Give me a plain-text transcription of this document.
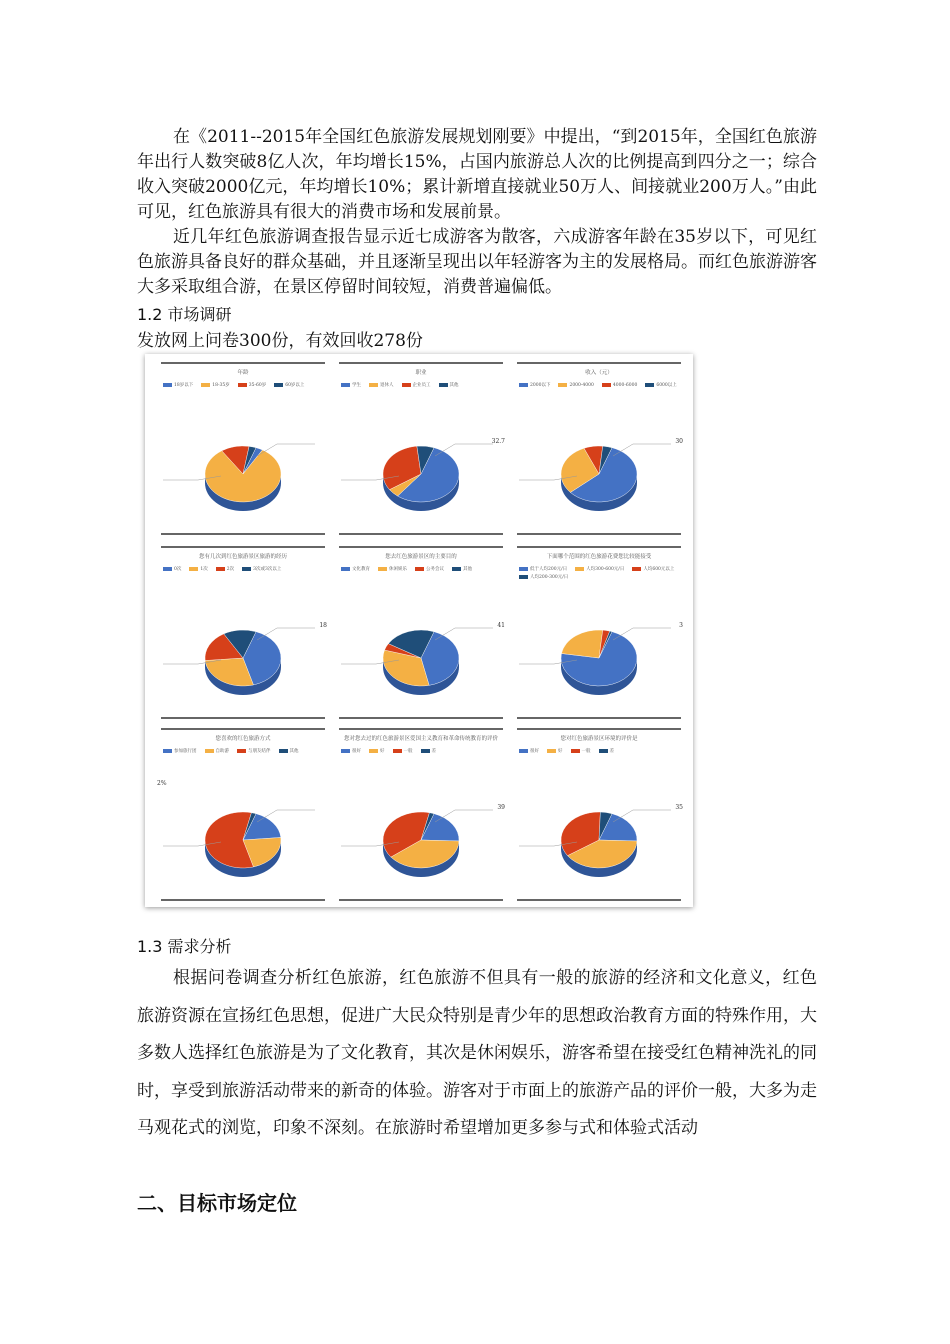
在《2011--2015年全国红色旅游发展规划刚要》中提出，“到2015年，全国红色旅游年出行人数突破8亿人次，年均增长15%，占国内旅游总人次的比例提高到四分之一；综合收入突破2000亿元，年均增长10%；累计新增直接就业50万人、间接就业200万人。”由此可见，红色旅游具有很大的消费市场和发展前景。

近几年红色旅游调查报告显示近七成游客为散客，六成游客年龄在35岁以下，可见红色旅游具备良好的群众基础，并且逐渐呈现出以年轻游客为主的发展格局。而红色旅游游客大多采取组合游，在景区停留时间较短，消费普遍偏低。

1.2 市场调研
发放网上问卷300份，有效回收278份
年龄
18岁以下	18-35岁	35-60岁	60岁以上
职业
学生	退休人	企业员工	其他
32.7
收入（元）
2000以下	2000-4000	4000-6000	6000以上
30
您有几次到红色旅游景区旅游的经历
0次	1次	2次	3次或3次以上
18
您去红色旅游景区的主要目的
文化教育	休闲娱乐	公务会议	其他
41
下面哪个范围的红色旅游花费您比较能接受
低于人均200元/日	人均300-600元/日	人均600元以上
人均200-300元/日
3
您喜欢的红色旅游方式
参加旅行团	自助游	与朋友结伴	其他
2%
您对您去过的红色旅游景区爱国主义教育和革命传统教育的评价
很好	好	一般	差
39
您对红色旅游景区环境的评价是
很好	好	一般	差
35
1.3 需求分析

根据问卷调查分析红色旅游，红色旅游不但具有一般的旅游的经济和文化意义，红色旅游资源在宣扬红色思想，促进广大民众特别是青少年的思想政治教育方面的特殊作用，大多数人选择红色旅游是为了文化教育，其次是休闲娱乐，游客希望在接受红色精神洗礼的同时，享受到旅游活动带来的新奇的体验。游客对于市面上的旅游产品的评价一般，大多为走马观花式的浏览，印象不深刻。在旅游时希望增加更多参与式和体验式活动

二、目标市场定位
